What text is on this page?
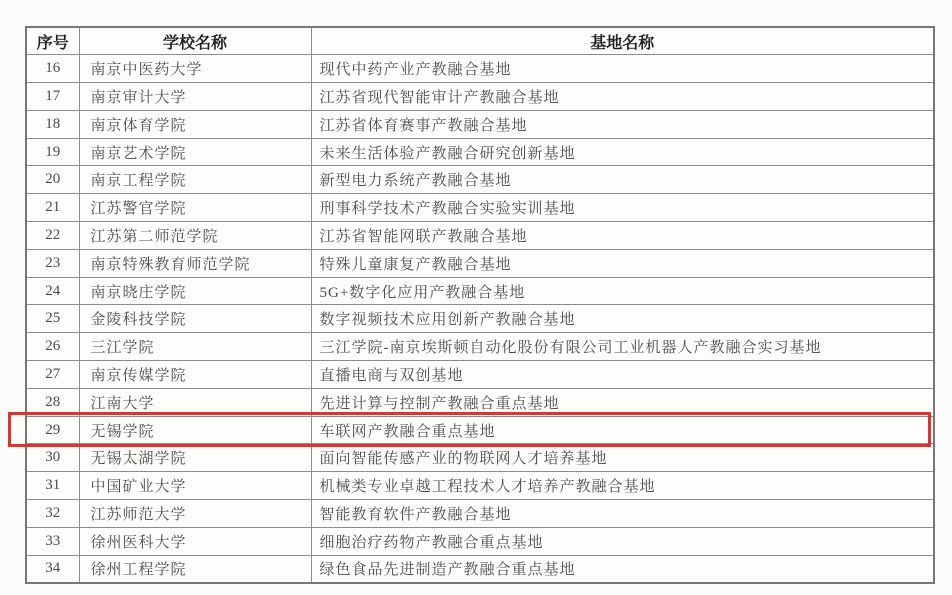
序号	学校名称	基地名称
16	南京中医药大学	现代中药产业产教融合基地
17	南京审计大学	江苏省现代智能审计产教融合基地
18	南京体育学院	江苏省体育赛事产教融合基地
19	南京艺术学院	未来生活体验产教融合研究创新基地
20	南京工程学院	新型电力系统产教融合基地
21	江苏警官学院	刑事科学技术产教融合实验实训基地
22	江苏第二师范学院	江苏省智能网联产教融合基地
23	南京特殊教育师范学院	特殊儿童康复产教融合基地
24	南京晓庄学院	5G+数字化应用产教融合基地
25	金陵科技学院	数字视频技术应用创新产教融合基地
26	三江学院	三江学院-南京埃斯顿自动化股份有限公司工业机器人产教融合实习基地
27	南京传媒学院	直播电商与双创基地
28	江南大学	先进计算与控制产教融合重点基地
29	无锡学院	车联网产教融合重点基地
30	无锡太湖学院	面向智能传感产业的物联网人才培养基地
31	中国矿业大学	机械类专业卓越工程技术人才培养产教融合基地
32	江苏师范大学	智能教育软件产教融合基地
33	徐州医科大学	细胞治疗药物产教融合重点基地
34	徐州工程学院	绿色食品先进制造产教融合重点基地
